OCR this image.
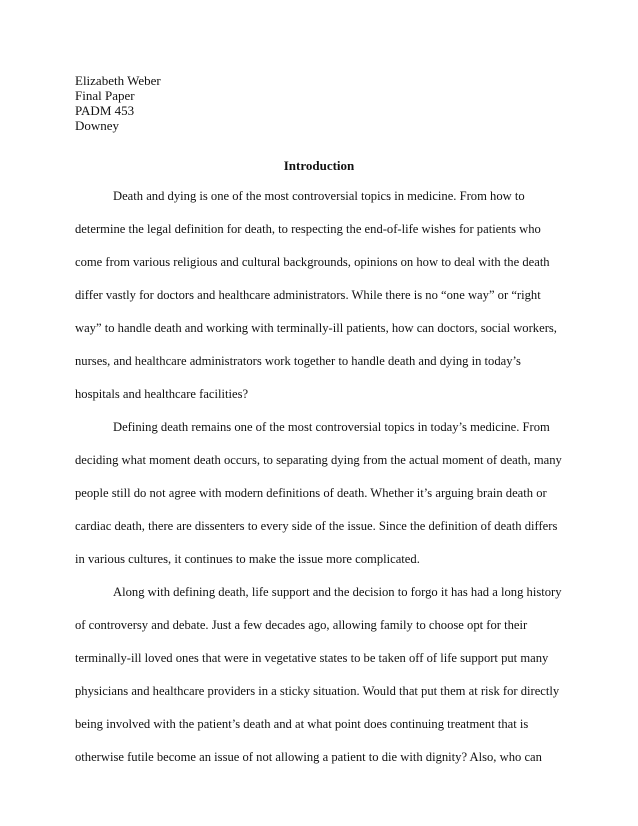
Elizabeth Weber
Final Paper
PADM 453
Downey
Introduction
Death and dying is one of the most controversial topics in medicine. From how to
determine the legal definition for death, to respecting the end-of-life wishes for patients who
come from various religious and cultural backgrounds, opinions on how to deal with the death
differ vastly for doctors and healthcare administrators. While there is no “one way” or “right
way” to handle death and working with terminally-ill patients, how can doctors, social workers,
nurses, and healthcare administrators work together to handle death and dying in today’s
hospitals and healthcare facilities?
Defining death remains one of the most controversial topics in today’s medicine. From
deciding what moment death occurs, to separating dying from the actual moment of death, many
people still do not agree with modern definitions of death. Whether it’s arguing brain death or
cardiac death, there are dissenters to every side of the issue. Since the definition of death differs
in various cultures, it continues to make the issue more complicated.
Along with defining death, life support and the decision to forgo it has had a long history
of controversy and debate. Just a few decades ago, allowing family to choose opt for their
terminally-ill loved ones that were in vegetative states to be taken off of life support put many
physicians and healthcare providers in a sticky situation. Would that put them at risk for directly
being involved with the patient’s death and at what point does continuing treatment that is
otherwise futile become an issue of not allowing a patient to die with dignity? Also, who can
